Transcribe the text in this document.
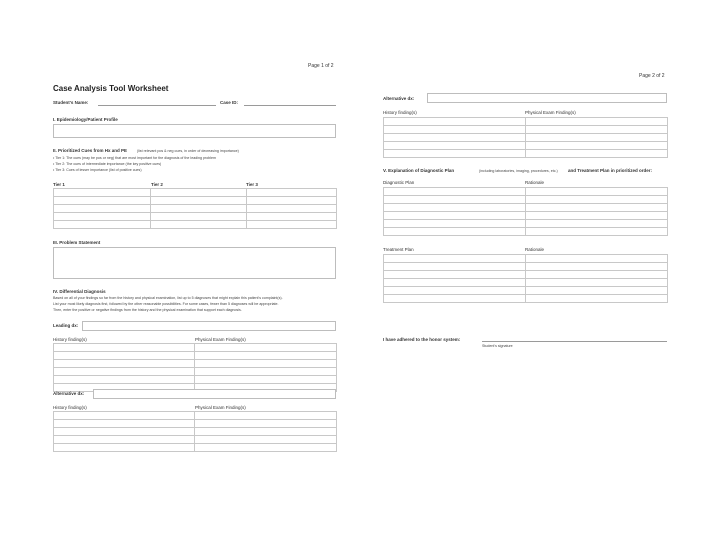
Page 1 of 2
Case Analysis Tool Worksheet
Student's Name:	Case ID:
I. Epidemiology/Patient Profile
II. Prioritized Cues from Hx and PE	(list relevant pos & neg cues, in order of decreasing importance)
• Tier 1: The cues (may be pos or neg) that are most important for the diagnosis of the leading problem
• Tier 2: The cues of intermediate importance (the key positive cues)
• Tier 3: Cues of lesser importance (list of positive cues)
Tier 1	Tier 2	Tier 3

III. Problem Statement
IV. Differential Diagnosis
Based on all of your findings so far from the history and physical examination, list up to 5 diagnoses that might explain this patient's complaint(s).
List your most likely diagnosis first, followed by the other reasonable possibilities. For some cases, fewer than 5 diagnoses will be appropriate.
Then, enter the positive or negative findings from the history and the physical examination that support each diagnosis.
Leading dx:
History finding(s)	Physical Exam Finding(s)

Alternative dx:
History finding(s)	Physical Exam Finding(s)

Page 2 of 2
Alternative dx:
History finding(s)	Physical Exam Finding(s)

V. Explanation of Diagnostic Plan	(including laboratories, imaging, procedures, etc.) and Treatment Plan in prioritized order:
Diagnostic Plan	Rationale

Treatment Plan	Rationale

I have adhered to the honor system:
Student's signature
